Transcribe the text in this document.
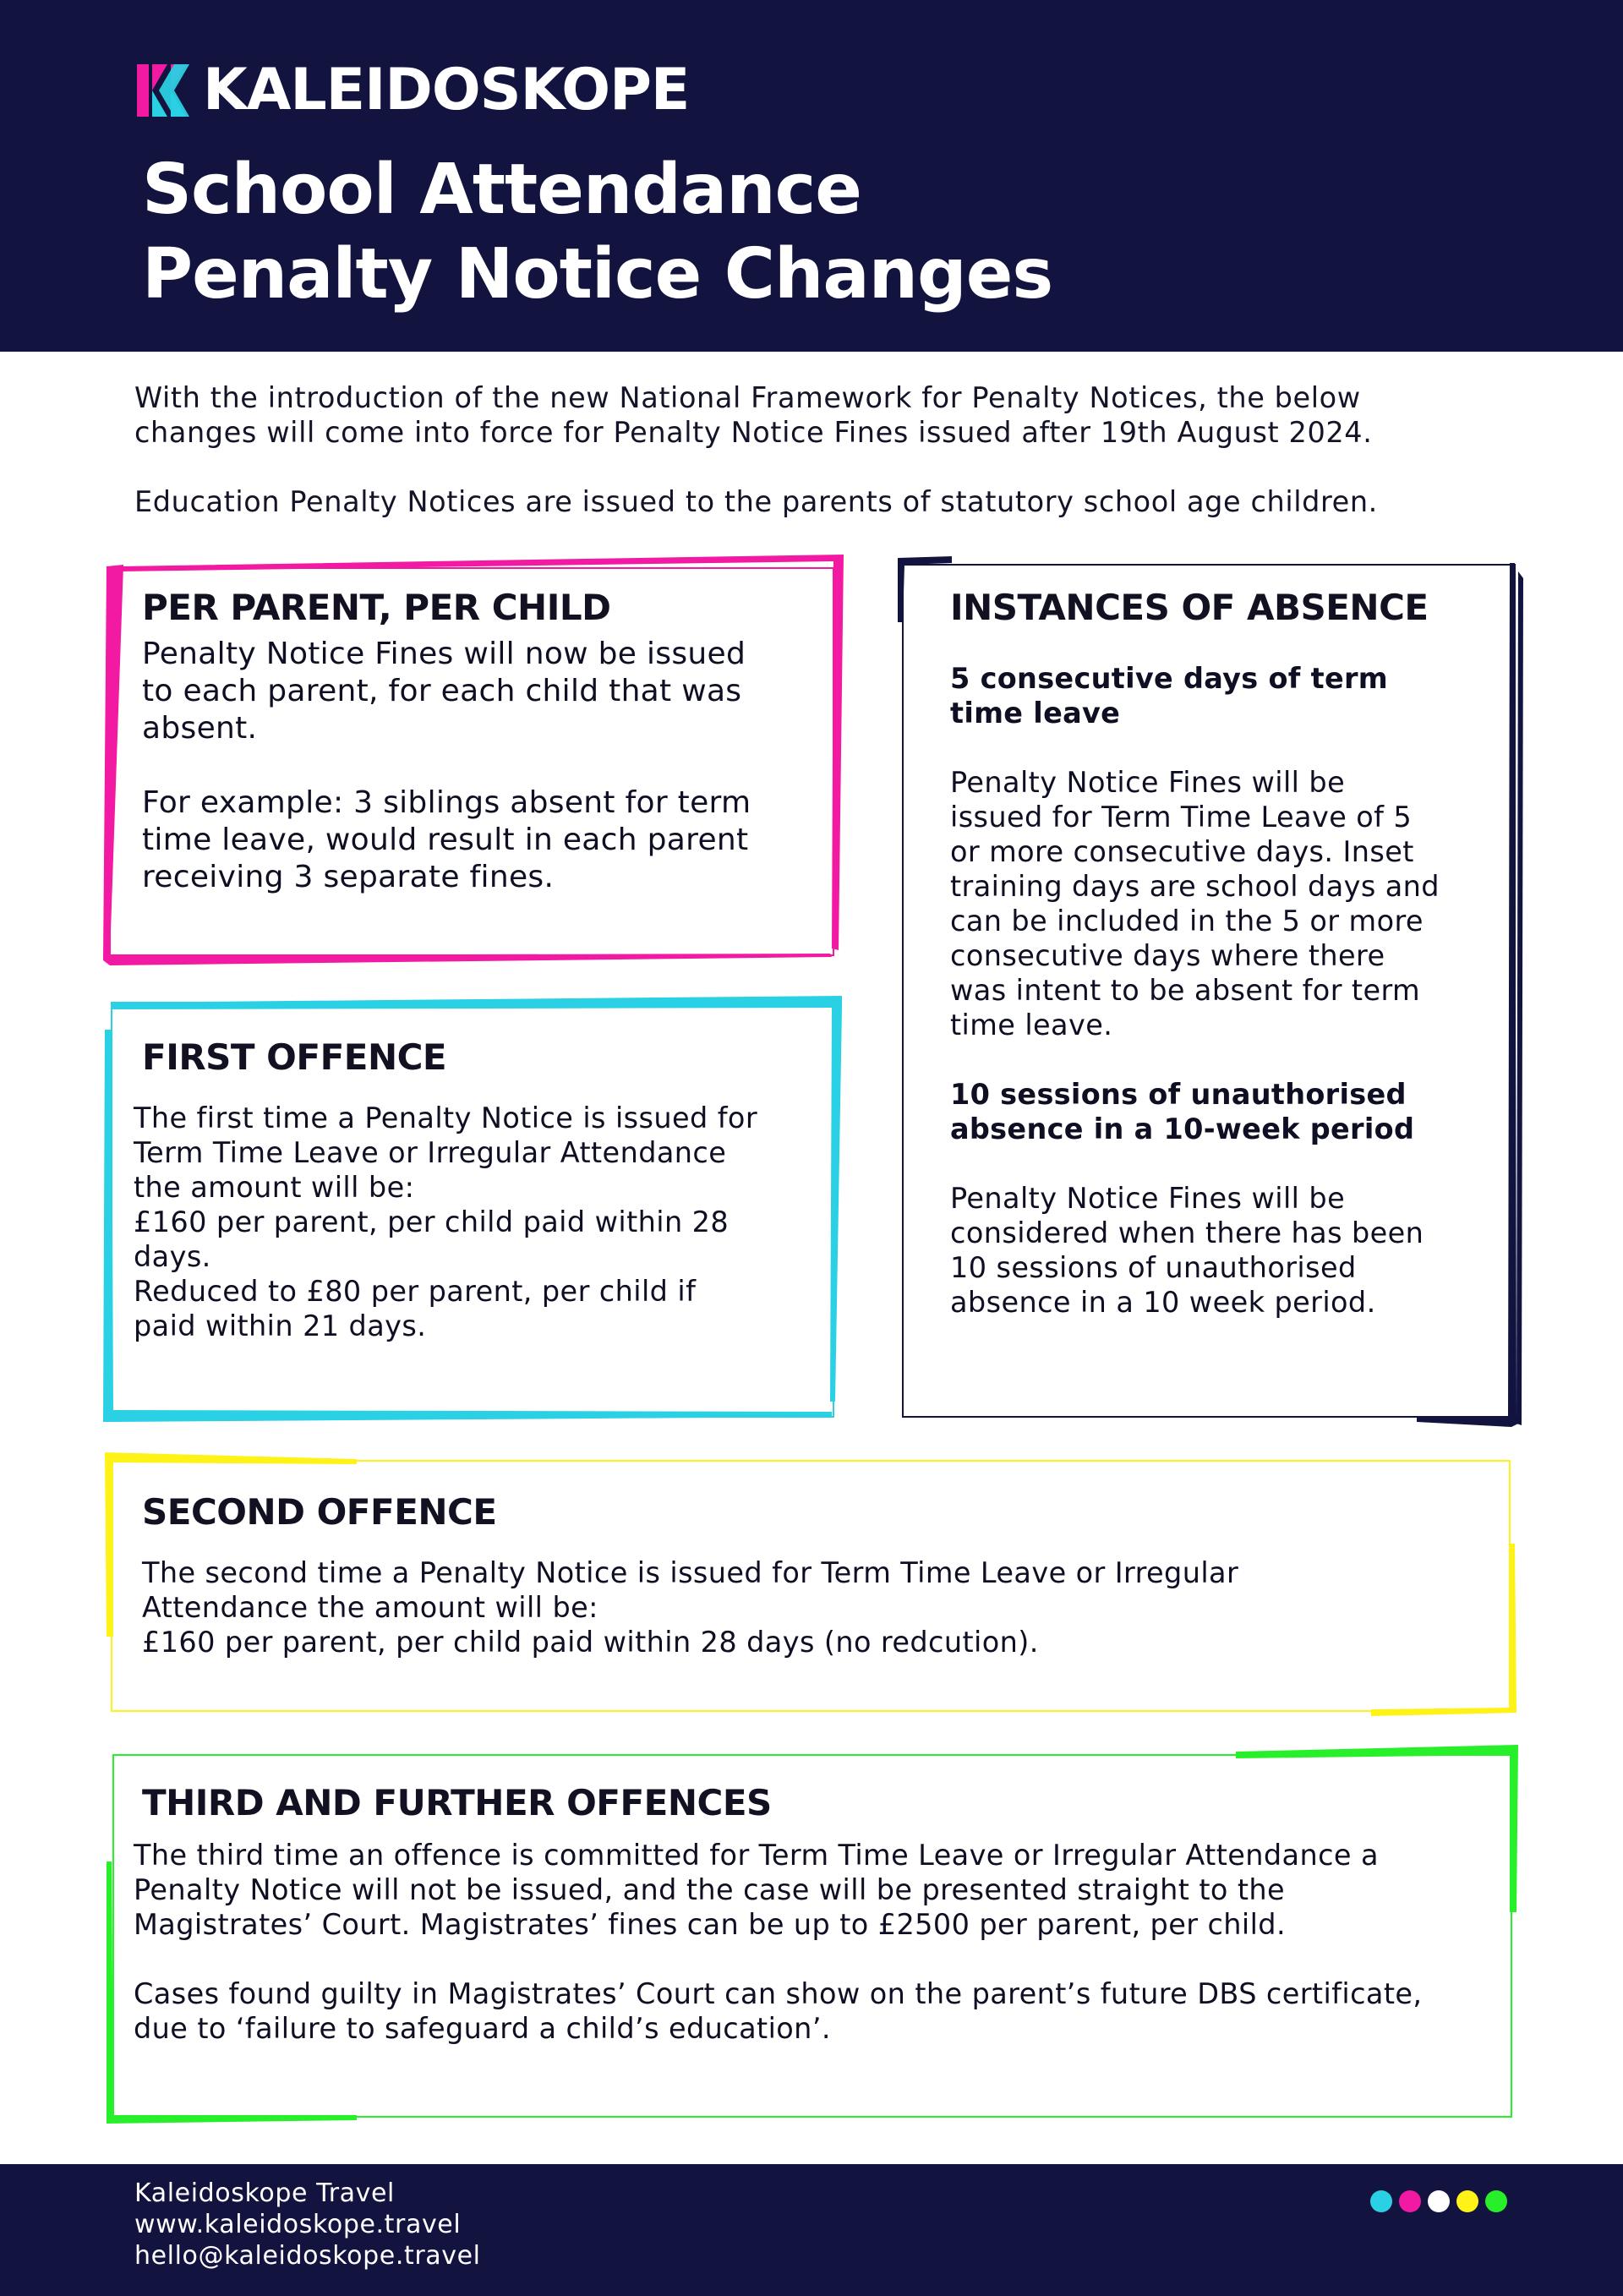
KALEIDOSKOPE
School Attendance
Penalty Notice Changes

With the introduction of the new National Framework for Penalty Notices, the below
changes will come into force for Penalty Notice Fines issued after 19th August 2024.

Education Penalty Notices are issued to the parents of statutory school age children.

PER PARENT, PER CHILD

Penalty Notice Fines will now be issued
to each parent, for each child that was
absent.

For example: 3 siblings absent for term
time leave, would result in each parent
receiving 3 separate fines.

FIRST OFFENCE

The first time a Penalty Notice is issued for
Term Time Leave or Irregular Attendance
the amount will be:
£160 per parent, per child paid within 28
days.
Reduced to £80 per parent, per child if
paid within 21 days.

INSTANCES OF ABSENCE

5 consecutive days of term
time leave

Penalty Notice Fines will be
issued for Term Time Leave of 5
or more consecutive days. Inset
training days are school days and
can be included in the 5 or more
consecutive days where there
was intent to be absent for term
time leave.

10 sessions of unauthorised
absence in a 10-week period

Penalty Notice Fines will be
considered when there has been
10 sessions of unauthorised
absence in a 10 week period.

SECOND OFFENCE

The second time a Penalty Notice is issued for Term Time Leave or Irregular
Attendance the amount will be:
£160 per parent, per child paid within 28 days (no redcution).

THIRD AND FURTHER OFFENCES

The third time an offence is committed for Term Time Leave or Irregular Attendance a
Penalty Notice will not be issued, and the case will be presented straight to the
Magistrates’ Court. Magistrates’ fines can be up to £2500 per parent, per child.

Cases found guilty in Magistrates’ Court can show on the parent’s future DBS certificate,
due to ‘failure to safeguard a child’s education’.

Kaleidoskope Travel
www.kaleidoskope.travel
hello@kaleidoskope.travel
